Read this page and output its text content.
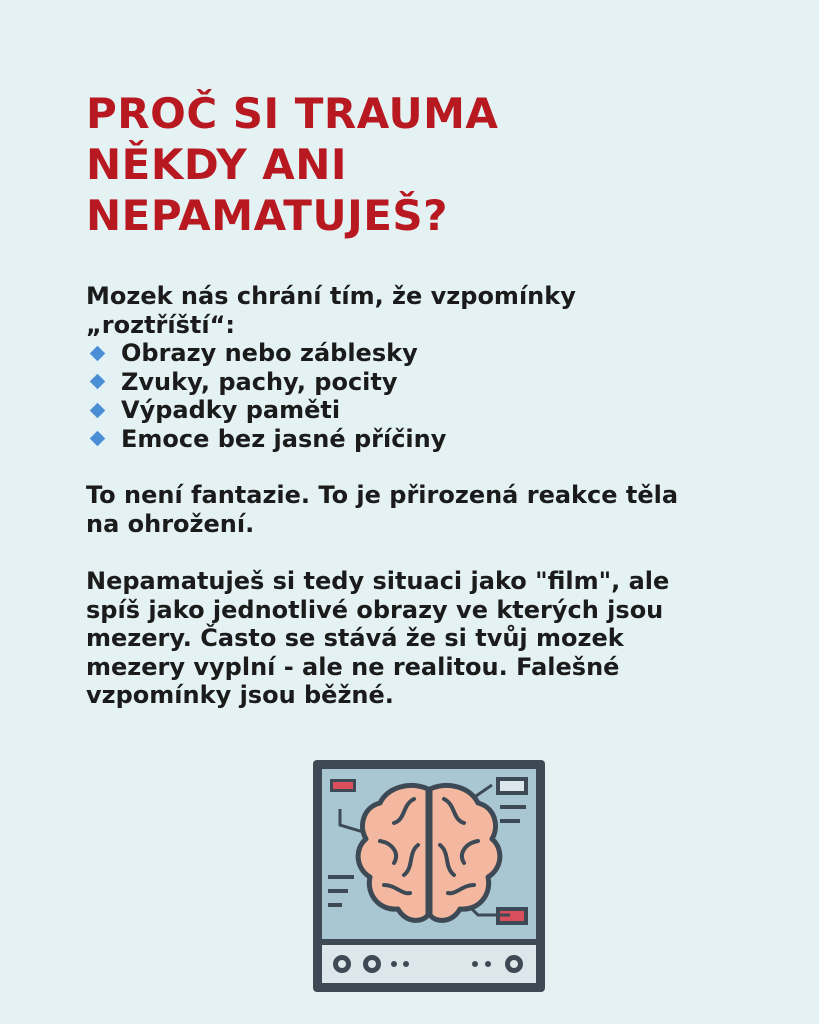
PROČ SI TRAUMA
NĚKDY ANI
NEPAMATUJEŠ?
Mozek nás chrání tím, že vzpomínky
„roztříští“:
Obrazy nebo záblesky
Zvuky, pachy, pocity
Výpadky paměti
Emoce bez jasné příčiny
To není fantazie. To je přirozená reakce těla
na ohrožení.
Nepamatuješ si tedy situaci jako "film", ale
spíš jako jednotlivé obrazy ve kterých jsou
mezery. Často se stává že si tvůj mozek
mezery vyplní - ale ne realitou. Falešné
vzpomínky jsou běžné.
